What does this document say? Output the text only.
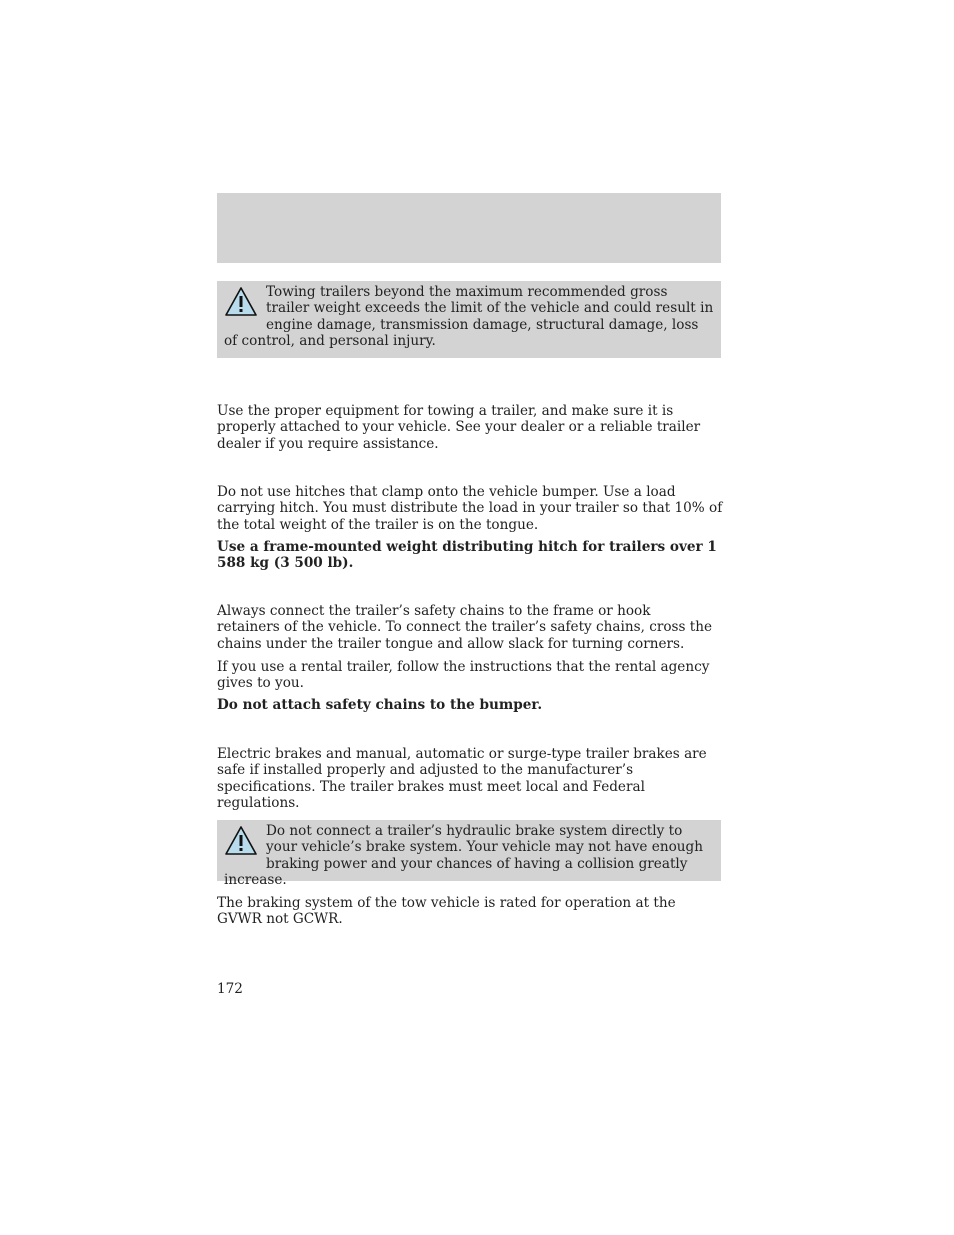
Towing trailers beyond the maximum recommended gross trailer weight exceeds the limit of the vehicle and could result in engine damage, transmission damage, structural damage, loss of control, and personal injury.

Use the proper equipment for towing a trailer, and make sure it is properly attached to your vehicle. See your dealer or a reliable trailer dealer if you require assistance.

Do not use hitches that clamp onto the vehicle bumper. Use a load carrying hitch. You must distribute the load in your trailer so that 10% of the total weight of the trailer is on the tongue.

Use a frame-mounted weight distributing hitch for trailers over 1 588 kg (3 500 lb).

Always connect the trailer’s safety chains to the frame or hook retainers of the vehicle. To connect the trailer’s safety chains, cross the chains under the trailer tongue and allow slack for turning corners.

If you use a rental trailer, follow the instructions that the rental agency gives to you.

Do not attach safety chains to the bumper.

Electric brakes and manual, automatic or surge-type trailer brakes are safe if installed properly and adjusted to the manufacturer’s specifications. The trailer brakes must meet local and Federal regulations.

Do not connect a trailer’s hydraulic brake system directly to your vehicle’s brake system. Your vehicle may not have enough braking power and your chances of having a collision greatly increase.

The braking system of the tow vehicle is rated for operation at the GVWR not GCWR.

172
